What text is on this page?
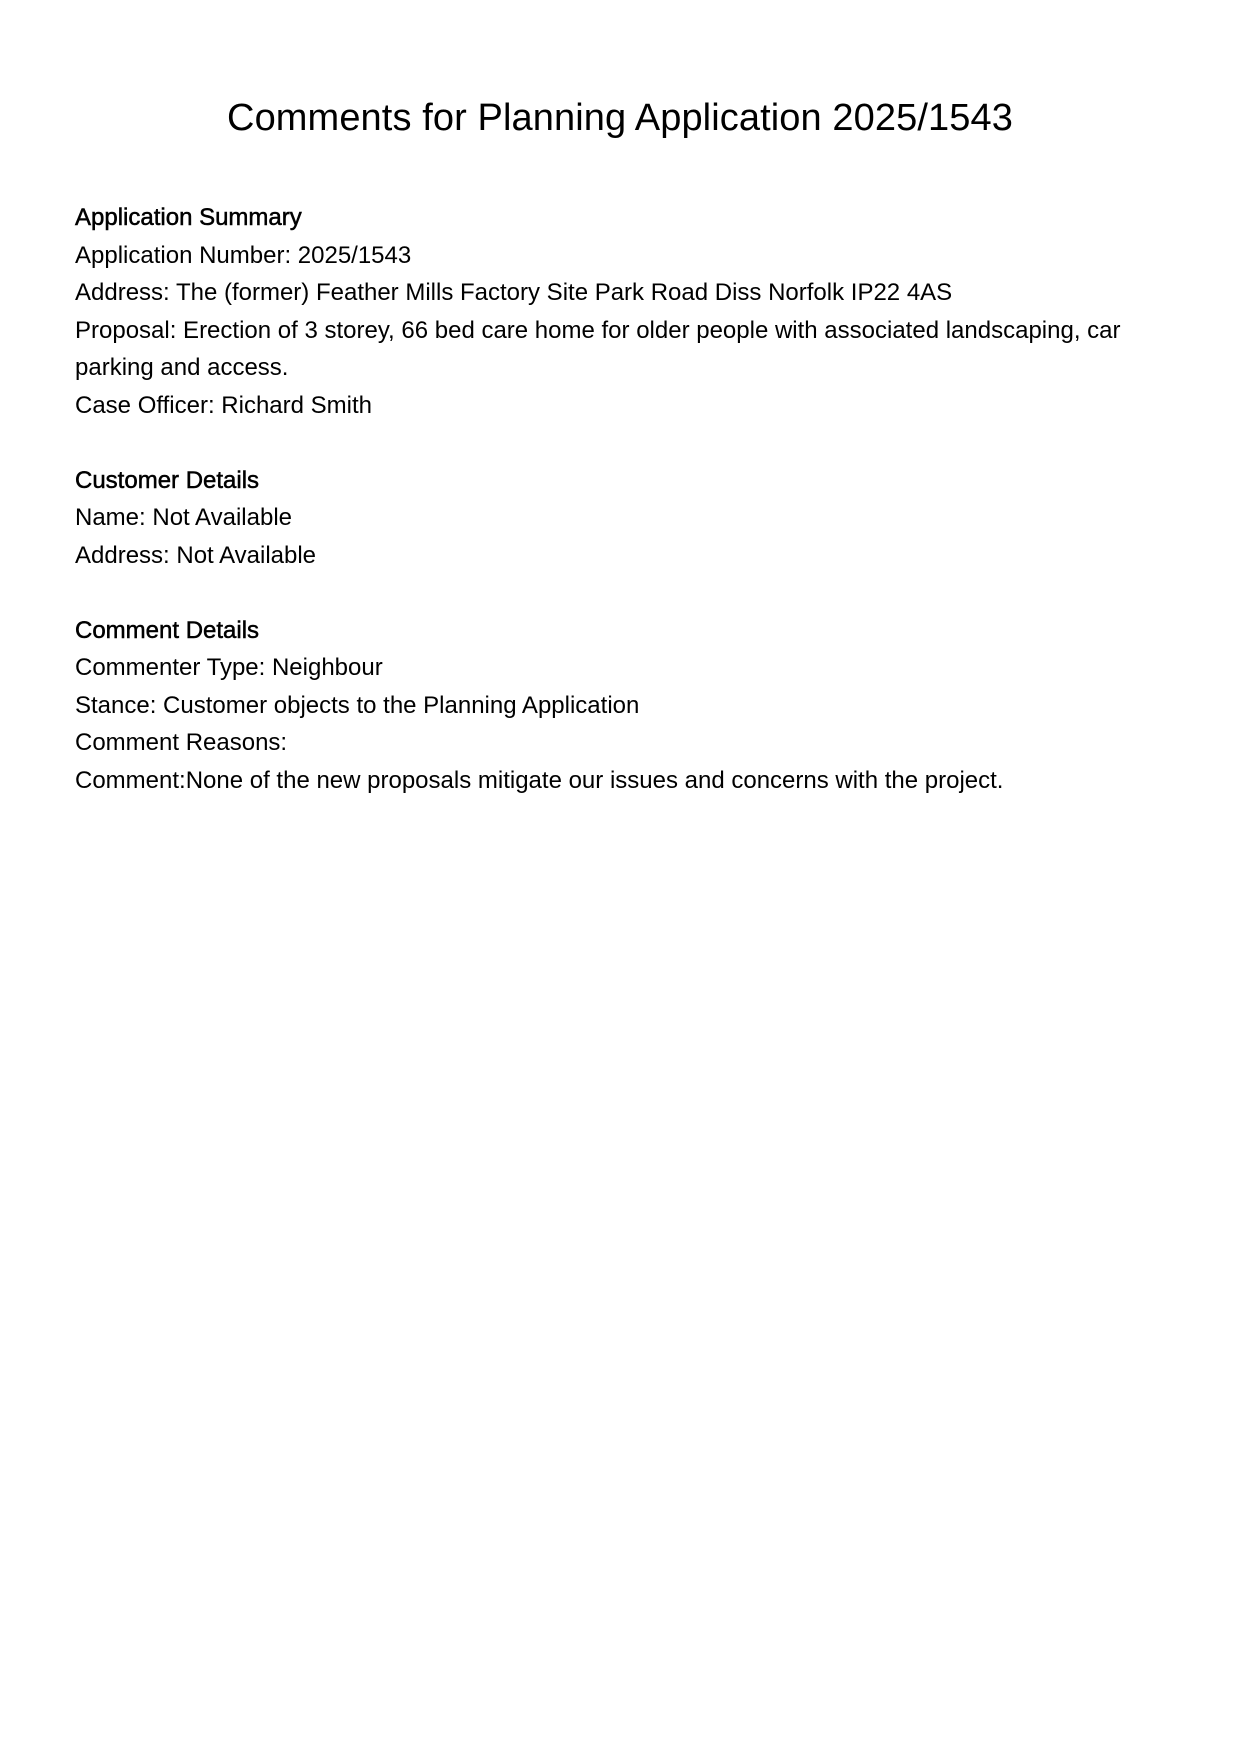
Comments for Planning Application 2025/1543

Application Summary

Application Number: 2025/1543

Address: The (former) Feather Mills Factory Site Park Road Diss Norfolk IP22 4AS

Proposal: Erection of 3 storey, 66 bed care home for older people with associated landscaping, car parking and access.

Case Officer: Richard Smith

Customer Details

Name: Not Available

Address: Not Available

Comment Details

Commenter Type: Neighbour

Stance: Customer objects to the Planning Application

Comment Reasons:

Comment:None of the new proposals mitigate our issues and concerns with the project.
